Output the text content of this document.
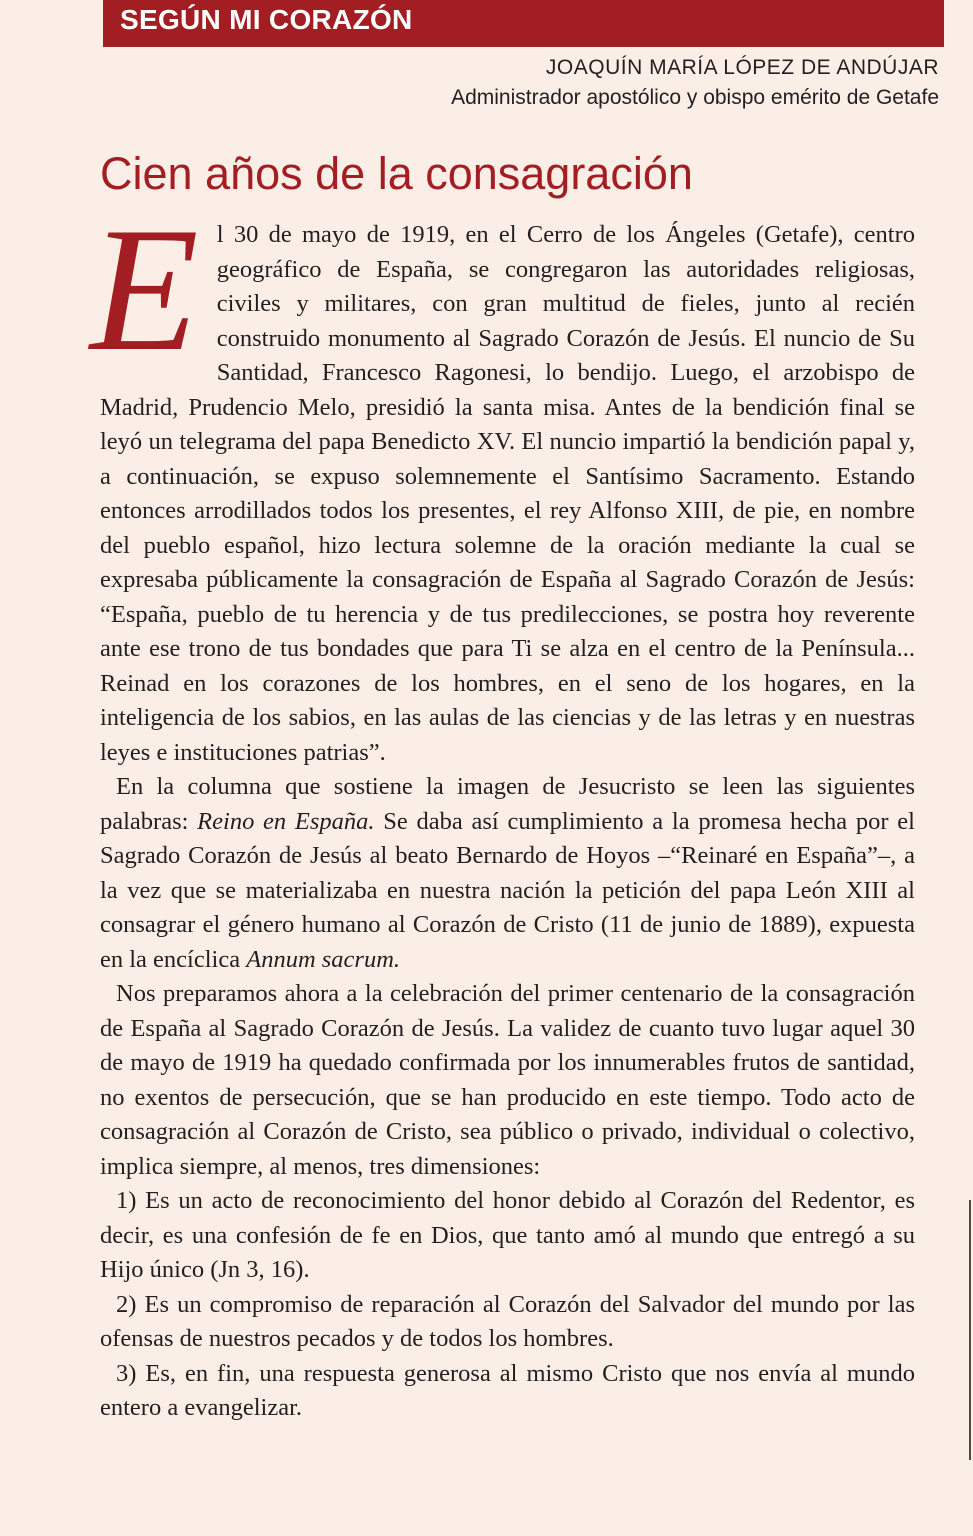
SEGÚN MI CORAZÓN
JOAQUÍN MARÍA LÓPEZ DE ANDÚJAR
Administrador apostólico y obispo emérito de Getafe
Cien años de la consagración

El 30 de mayo de 1919, en el Cerro de los Ángeles (Getafe), centro geográfico de España, se congregaron las autoridades religiosas, civiles y militares, con gran multitud de fieles, junto al recién construido monumento al Sagrado Corazón de Jesús. El nuncio de Su Santidad, Francesco Ragonesi, lo bendijo. Luego, el arzobispo de Madrid, Prudencio Melo, presidió la santa misa. Antes de la bendición final se leyó un telegrama del papa Benedicto XV. El nuncio impartió la bendición papal y, a continuación, se expuso solemnemente el Santísimo Sacramento. Estando entonces arrodillados todos los presentes, el rey Alfonso XIII, de pie, en nombre del pueblo español, hizo lectura solemne de la oración mediante la cual se expresaba públicamente la consagración de España al Sagrado Corazón de Jesús: “España, pueblo de tu herencia y de tus predilecciones, se postra hoy reverente ante ese trono de tus bondades que para Ti se alza en el centro de la Península... Reinad en los corazones de los hombres, en el seno de los hogares, en la inteligencia de los sabios, en las aulas de las ciencias y de las letras y en nuestras leyes e instituciones patrias”.

En la columna que sostiene la imagen de Jesucristo se leen las siguientes palabras: Reino en España. Se daba así cumplimiento a la promesa hecha por el Sagrado Corazón de Jesús al beato Bernardo de Hoyos –“Reinaré en España”–, a la vez que se materializaba en nuestra nación la petición del papa León XIII al consagrar el género humano al Corazón de Cristo (11 de junio de 1889), expuesta en la encíclica Annum sacrum.

Nos preparamos ahora a la celebración del primer centenario de la consagración de España al Sagrado Corazón de Jesús. La validez de cuanto tuvo lugar aquel 30 de mayo de 1919 ha quedado confirmada por los innumerables frutos de santidad, no exentos de persecución, que se han producido en este tiempo. Todo acto de consagración al Corazón de Cristo, sea público o privado, individual o colectivo, implica siempre, al menos, tres dimensiones:

1) Es un acto de reconocimiento del honor debido al Corazón del Redentor, es decir, es una confesión de fe en Dios, que tanto amó al mundo que entregó a su Hijo único (Jn 3, 16).

2) Es un compromiso de reparación al Corazón del Salvador del mundo por las ofensas de nuestros pecados y de todos los hombres.

3) Es, en fin, una respuesta generosa al mismo Cristo que nos envía al mundo entero a evangelizar.
